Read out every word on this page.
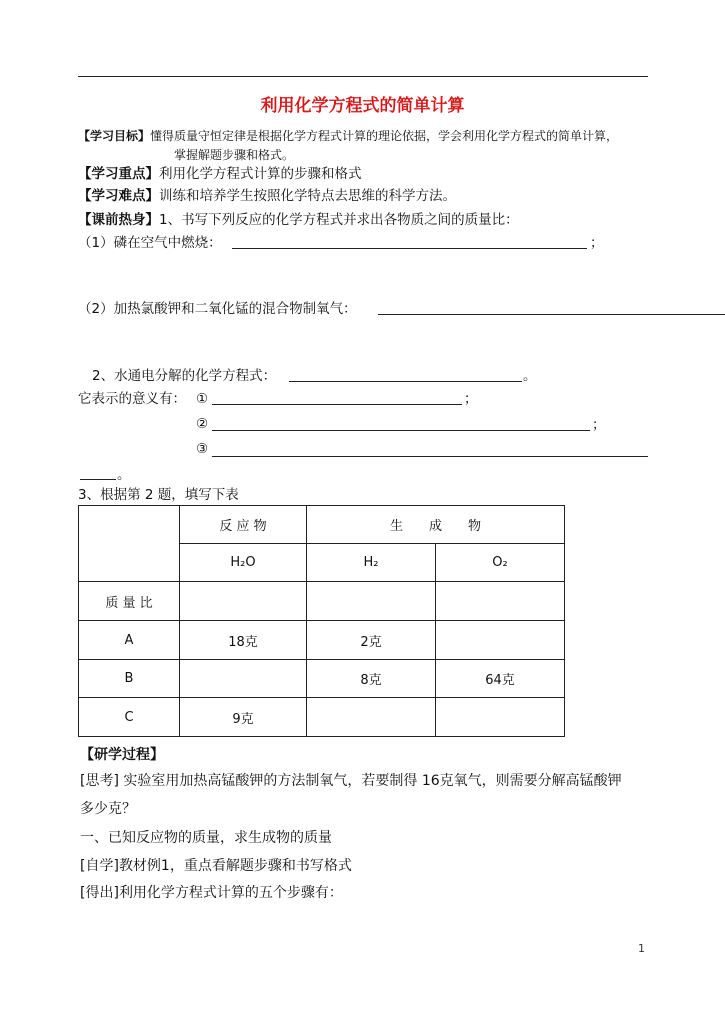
利用化学方程式的简单计算
【学习目标】懂得质量守恒定律是根据化学方程式计算的理论依据，学会利用化学方程式的简单计算，
掌握解题步骤和格式。
【学习重点】利用化学方程式计算的步骤和格式
【学习难点】训练和培养学生按照化学特点去思维的科学方法。
【课前热身】1、书写下列反应的化学方程式并求出各物质之间的质量比：
（1）磷在空气中燃烧：	；
（2）加热氯酸钾和二氧化锰的混合物制氧气：
2、水通电分解的化学方程式：	。
它表示的意义有： ①	；
②	；
③
。
3、根据第 2 题，填写下表
	反 应 物	生　　成　　物	
	H₂O	H₂	O₂
质 量 比			
A	18克	2克	
B		8克	64克
C	9克		
【研学过程】
[思考] 实验室用加热高锰酸钾的方法制氧气，若要制得 16克氧气，则需要分解高锰酸钾
多少克？
一、已知反应物的质量，求生成物的质量
[自学]教材例1，重点看解题步骤和书写格式
[得出]利用化学方程式计算的五个步骤有：
1
